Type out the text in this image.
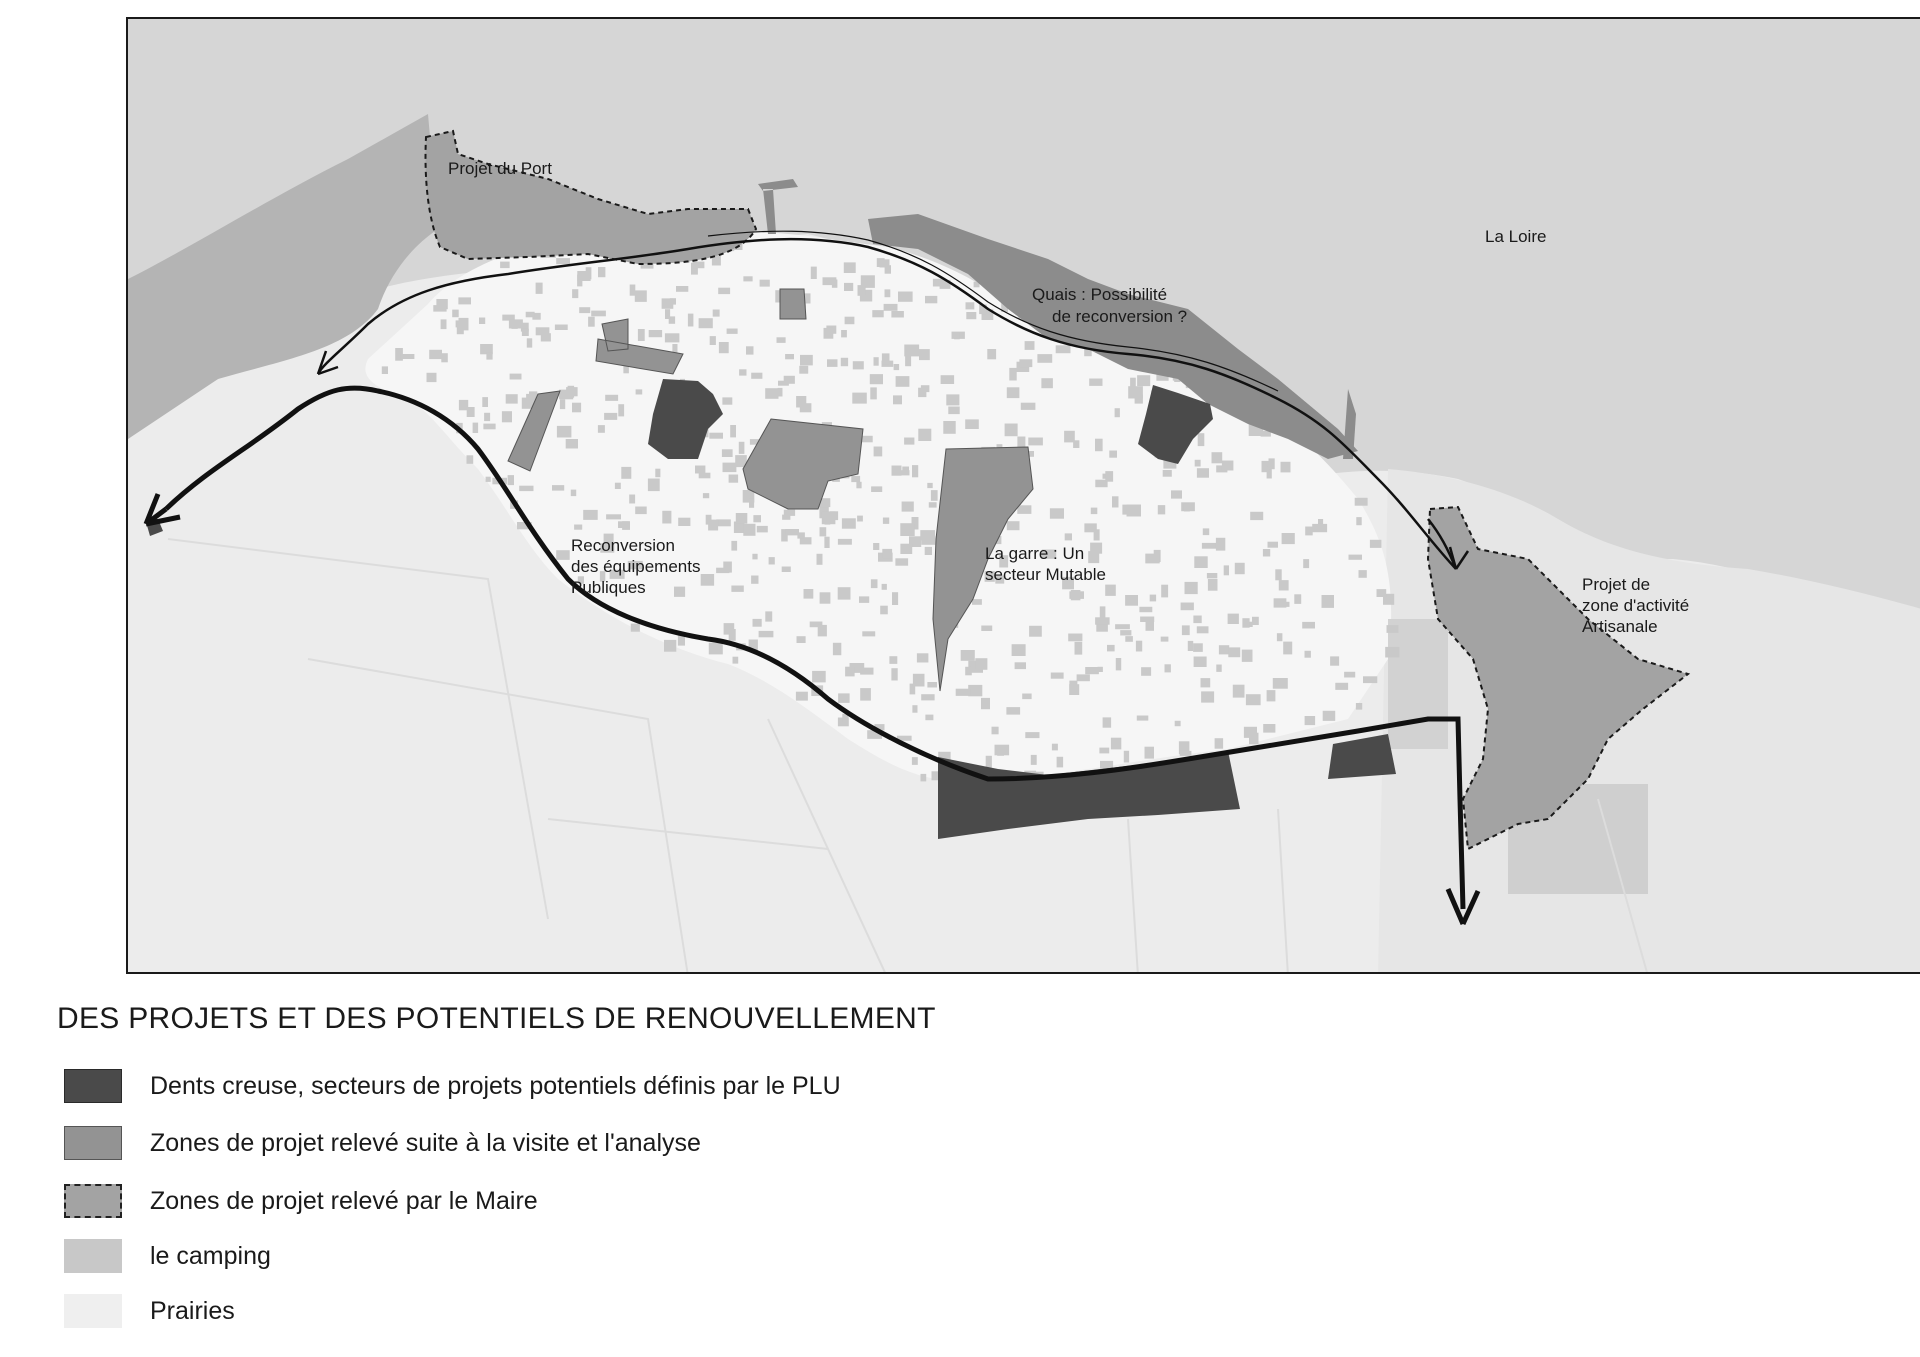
Projet du Port
La Loire
Quais : Possibilité
de reconversion ?
Reconversion
des équipements
Publiques
La garre : Un
secteur Mutable
Projet de
zone d'activité
Artisanale
DES PROJETS ET DES POTENTIELS DE RENOUVELLEMENT
Dents creuse, secteurs de projets potentiels définis par le PLU
Zones de projet relevé suite à la visite et l'analyse
Zones de projet relevé par le Maire
le camping
Prairies
